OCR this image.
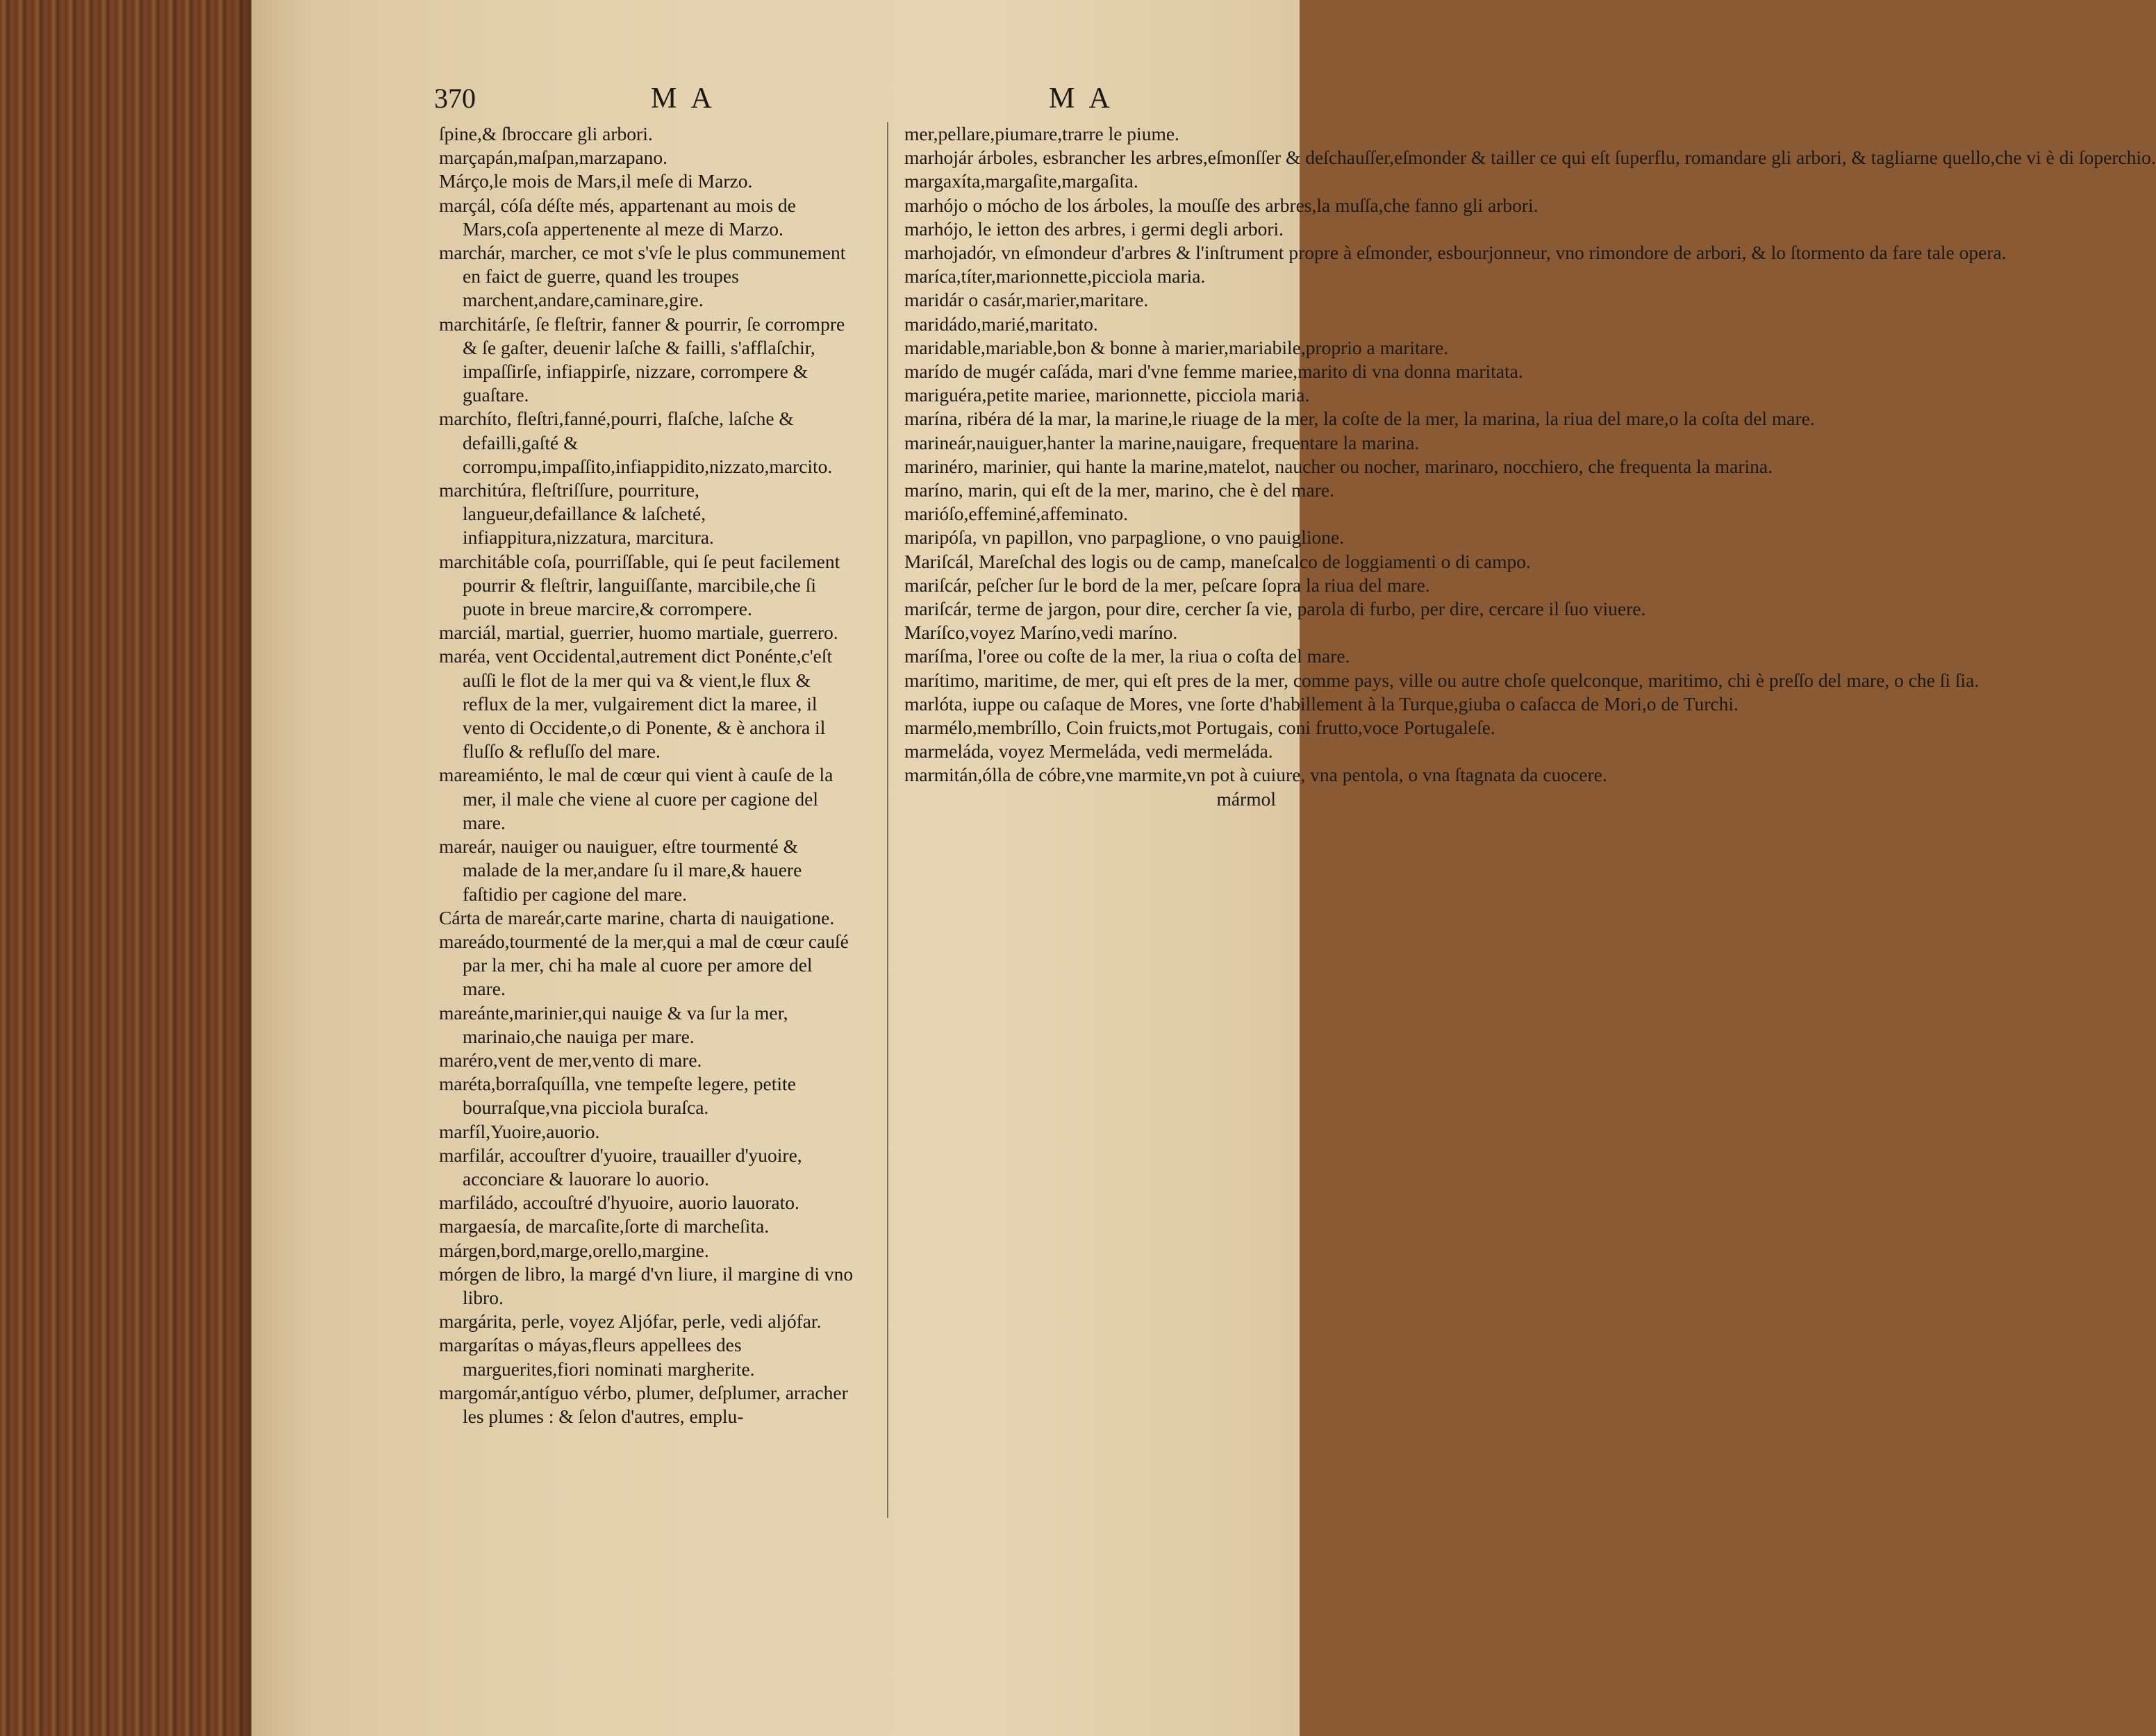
370	M A	M A

ſpine,& ſbroccare gli arbori.

marçapán,maſpan,marzapano.

Márço,le mois de Mars,il meſe di Marzo.

marçál, cóſa déſte més, appartenant au mois de Mars,coſa appertenente al meze di Marzo.

marchár, marcher, ce mot s'vſe le plus communement en faict de guerre, quand les troupes marchent,andare,caminare,gire.

marchitárſe, ſe fleſtrir, fanner & pourrir, ſe corrompre & ſe gaſter, deuenir laſche & failli, s'afflaſchir, impaſſirſe, infiappirſe, nizzare, corrompere & guaſtare.

marchíto, fleſtri,fanné,pourri, flaſche, laſche & defailli,gaſté & corrompu,impaſſito,infiappidito,nizzato,marcito.

marchitúra, fleſtriſſure, pourriture, langueur,defaillance & laſcheté, infiappitura,nizzatura, marcitura.

marchitáble coſa, pourriſſable, qui ſe peut facilement pourrir & fleſtrir, languiſſante, marcibile,che ſi puote in breue marcire,& corrompere.

marciál, martial, guerrier, huomo martiale, guerrero.

maréa, vent Occidental,autrement dict Ponénte,c'eſt auſſi le flot de la mer qui va & vient,le flux & reflux de la mer, vulgairement dict la maree, il vento di Occidente,o di Ponente, & è anchora il fluſſo & refluſſo del mare.

mareamiénto, le mal de cœur qui vient à cauſe de la mer, il male che viene al cuore per cagione del mare.

mareár, nauiger ou nauiguer, eſtre tourmenté & malade de la mer,andare ſu il mare,& hauere faſtidio per cagione del mare.

Cárta de mareár,carte marine, charta di nauigatione.

mareádo,tourmenté de la mer,qui a mal de cœur cauſé par la mer, chi ha male al cuore per amore del mare.

mareánte,marinier,qui nauige & va ſur la mer, marinaio,che nauiga per mare.

maréro,vent de mer,vento di mare.

maréta,borraſquílla, vne tempeſte legere, petite bourraſque,vna picciola buraſca.

marfíl,Yuoire,auorio.

marfilár, accouſtrer d'yuoire, trauailler d'yuoire, acconciare & lauorare lo auorio.

marfiládo, accouſtré d'hyuoire, auorio lauorato.

margaesía, de marcaſite,ſorte di marcheſita.

márgen,bord,marge,orello,margine.

mórgen de libro, la margé d'vn liure, il margine di vno libro.

margárita, perle, voyez Aljófar, perle, vedi aljófar.

margarítas o máyas,fleurs appellees des marguerites,fiori nominati margherite.

margomár,antíguo vérbo, plumer, deſplumer, arracher les plumes : & ſelon d'autres, emplu-

mer,pellare,piumare,trarre le piume.

marhojár árboles, esbrancher les arbres,eſmonſſer & deſchauſſer,eſmonder & tailler ce qui eſt ſuperflu, romandare gli arbori, & tagliarne quello,che vi è di ſoperchio.

margaxíta,margaſite,margaſita.

marhójo o mócho de los árboles, la mouſſe des arbres,la muſſa,che fanno gli arbori.

marhójo, le ietton des arbres, i germi degli arbori.

marhojadór, vn eſmondeur d'arbres & l'inſtrument propre à eſmonder, esbourjonneur, vno rimondore de arbori, & lo ſtormento da fare tale opera.

maríca,títer,marionnette,picciola maria.

maridár o casár,marier,maritare.

maridádo,marié,maritato.

maridable,mariable,bon & bonne à marier,mariabile,proprio a maritare.

marído de mugér caſáda, mari d'vne femme mariee,marito di vna donna maritata.

mariguéra,petite mariee, marionnette, picciola maria.

marína, ribéra dé la mar, la marine,le riuage de la mer, la coſte de la mer, la marina, la riua del mare,o la coſta del mare.

marineár,nauiguer,hanter la marine,nauigare, frequentare la marina.

marinéro, marinier, qui hante la marine,matelot, naucher ou nocher, marinaro, nocchiero, che frequenta la marina.

maríno, marin, qui eſt de la mer, marino, che è del mare.

marióſo,effeminé,affeminato.

maripóſa, vn papillon, vno parpaglione, o vno pauiglione.

Mariſcál, Mareſchal des logis ou de camp, maneſcalco de loggiamenti o di campo.

mariſcár, peſcher ſur le bord de la mer, peſcare ſopra la riua del mare.

mariſcár, terme de jargon, pour dire, cercher ſa vie, parola di furbo, per dire, cercare il ſuo viuere.

Maríſco,voyez Maríno,vedi maríno.

maríſma, l'oree ou coſte de la mer, la riua o coſta del mare.

marítimo, maritime, de mer, qui eſt pres de la mer, comme pays, ville ou autre choſe quelconque, maritimo, chi è preſſo del mare, o che ſi ſia.

marlóta, iuppe ou caſaque de Mores, vne ſorte d'habillement à la Turque,giuba o caſacca de Mori,o de Turchi.

marmélo,membríllo, Coin fruicts,mot Portugais, coni frutto,voce Portugaleſe.

marmeláda, voyez Mermeláda, vedi mermeláda.

marmitán,ólla de cóbre,vne marmite,vn pot à cuiure, vna pentola, o vna ſtagnata da cuocere.

mármol
